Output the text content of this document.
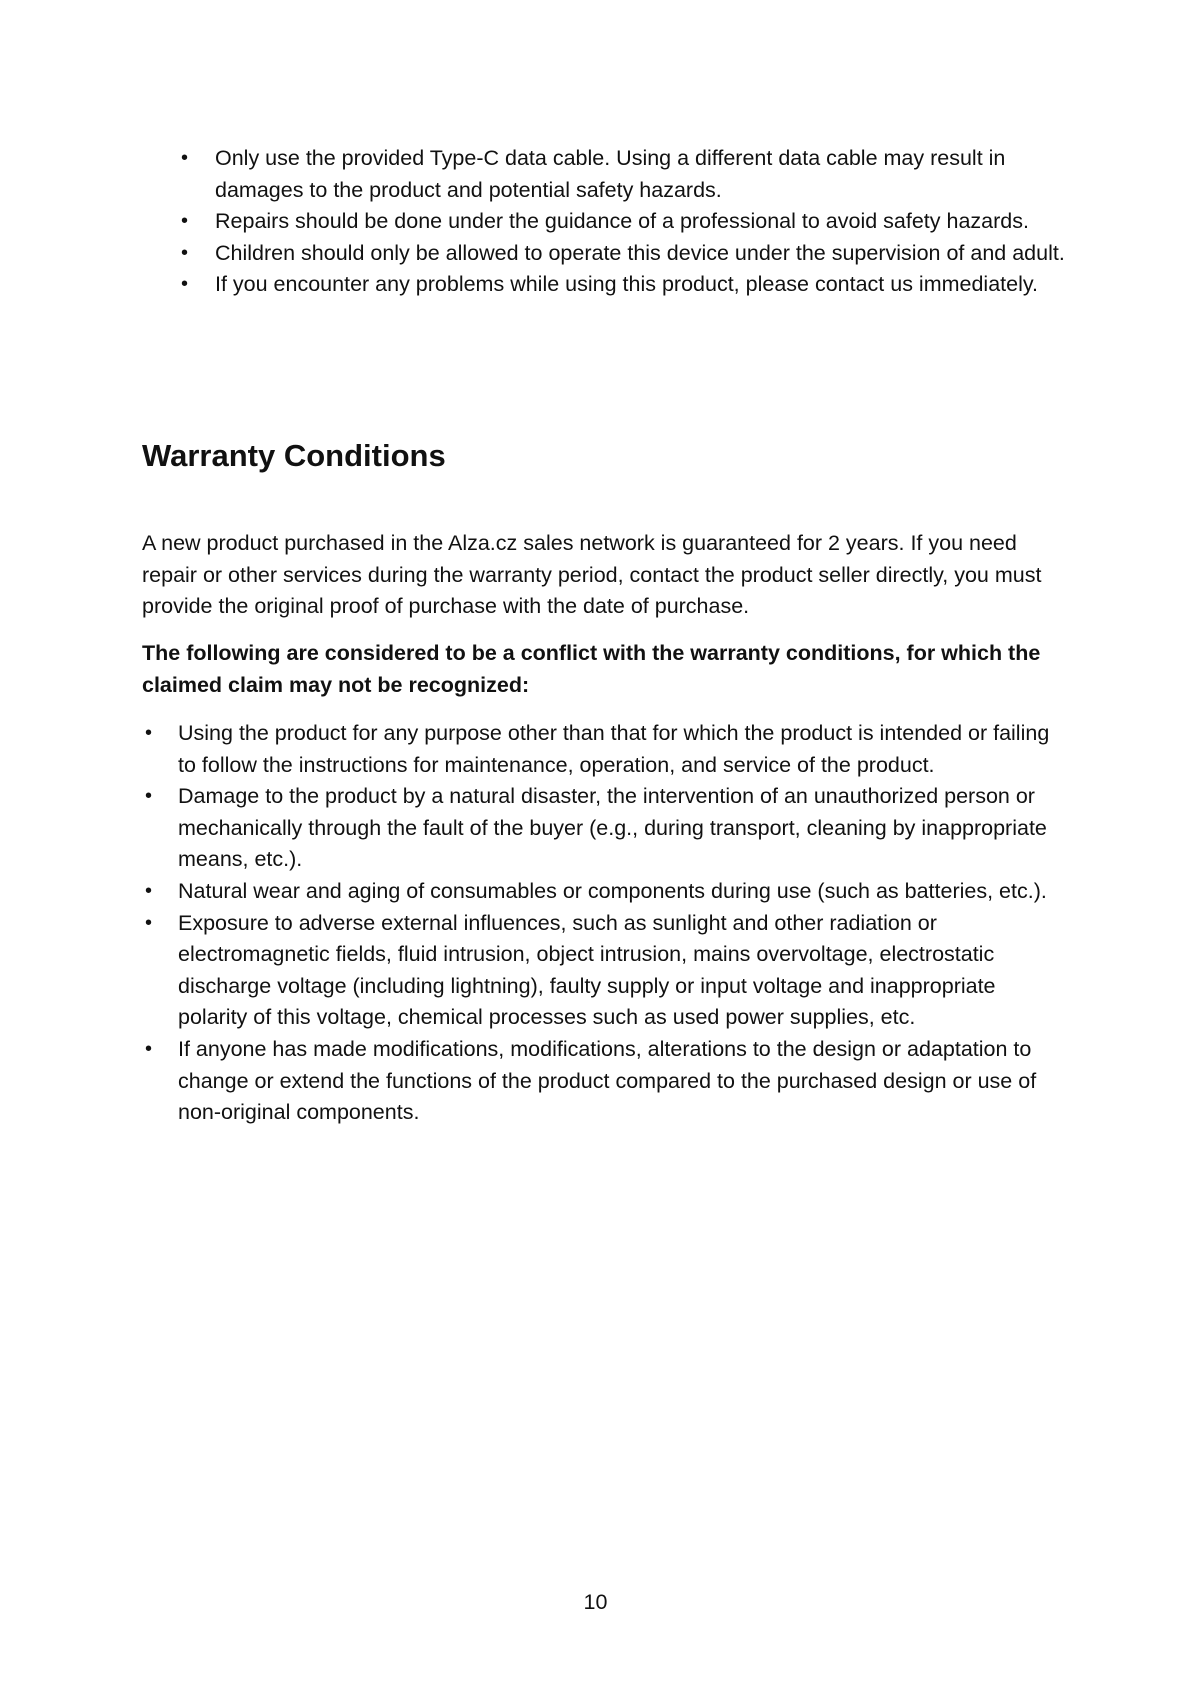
• Only use the provided Type-C data cable. Using a different data cable may result in damages to the product and potential safety hazards.
• Repairs should be done under the guidance of a professional to avoid safety hazards.
• Children should only be allowed to operate this device under the supervision of and adult.
• If you encounter any problems while using this product, please contact us immediately.
Warranty Conditions

A new product purchased in the Alza.cz sales network is guaranteed for 2 years. If you need repair or other services during the warranty period, contact the product seller directly, you must provide the original proof of purchase with the date of purchase.

The following are considered to be a conflict with the warranty conditions, for which the claimed claim may not be recognized:

• Using the product for any purpose other than that for which the product is intended or failing to follow the instructions for maintenance, operation, and service of the product.
• Damage to the product by a natural disaster, the intervention of an unauthorized person or mechanically through the fault of the buyer (e.g., during transport, cleaning by inappropriate means, etc.).
• Natural wear and aging of consumables or components during use (such as batteries, etc.).
• Exposure to adverse external influences, such as sunlight and other radiation or electromagnetic fields, fluid intrusion, object intrusion, mains overvoltage, electrostatic discharge voltage (including lightning), faulty supply or input voltage and inappropriate polarity of this voltage, chemical processes such as used power supplies, etc.
• If anyone has made modifications, modifications, alterations to the design or adaptation to change or extend the functions of the product compared to the purchased design or use of non-original components.
10
